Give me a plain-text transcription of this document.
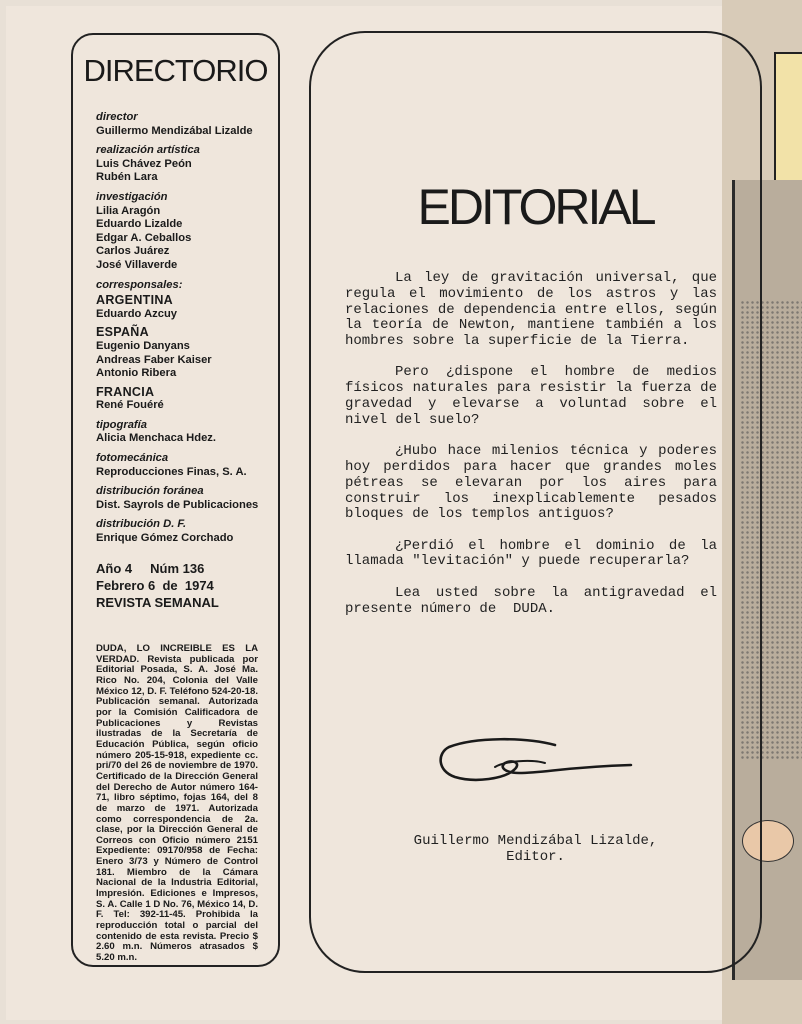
DIRECTORIO
director
Guillermo Mendizábal Lizalde
realización artística
Luis Chávez Peón
Rubén Lara
investigación
Lilia Aragón
Eduardo Lizalde
Edgar A. Ceballos
Carlos Juárez
José Villaverde
corresponsales:
ARGENTINA
Eduardo Azcuy
ESPAÑA
Eugenio Danyans
Andreas Faber Kaiser
Antonio Ribera
FRANCIA
René Fouéré
tipografía
Alicia Menchaca Hdez.
fotomecánica
Reproducciones Finas, S. A.
distribución foránea
Dist. Sayrols de Publicaciones
distribución D. F.
Enrique Gómez Corchado
Año 4 Núm 136
Febrero 6  de  1974
REVISTA SEMANAL
DUDA, LO INCREIBLE ES LA VERDAD. Revista publicada por Editorial Posada, S. A. José Ma. Rico No. 204, Colonia del Valle México 12, D. F. Teléfono 524-20-18. Publicación semanal. Autorizada por la Comisión Calificadora de Publicaciones y Revistas ilustradas de la Secretaría de Educación Pública, según oficio número 205-15-918, expediente cc. pri/70 del 26 de noviembre de 1970. Certificado de la Dirección General del Derecho de Autor número 164-71, libro séptimo, fojas 164, del 8 de marzo de 1971. Autorizada como correspondencia de 2a. clase, por la Dirección General de Correos con Oficio número 2151 Expediente: 09170/958 de Fecha: Enero 3/73 y Número de Control 181. Miembro de la Cámara Nacional de la Industria Editorial, Impresión. Ediciones e Impresos, S. A. Calle 1 D No. 76, México 14, D. F. Tel: 392-11-45. Prohibida la reproducción total o parcial del contenido de esta revista. Precio $ 2.60 m.n. Números atrasados $ 5.20 m.n.
EDITORIAL

La ley de gravitación universal, que regula el movimiento de los astros y las relaciones de dependencia entre ellos, según la teoría de Newton, mantiene también a los hombres sobre la superficie de la Tierra.

Pero ¿dispone el hombre de medios físicos naturales para resistir la fuerza de gravedad y elevarse a voluntad sobre el nivel del suelo?

¿Hubo hace milenios técnica y poderes hoy perdidos para hacer que grandes moles pétreas se elevaran por los aires para construir los inexplicablemente pesados bloques de los templos antiguos?

¿Perdió el hombre el dominio de la llamada "levitación" y puede recuperarla?

Lea usted sobre la antigravedad el presente número de  DUDA.

Guillermo Mendizábal Lizalde,
Editor.
